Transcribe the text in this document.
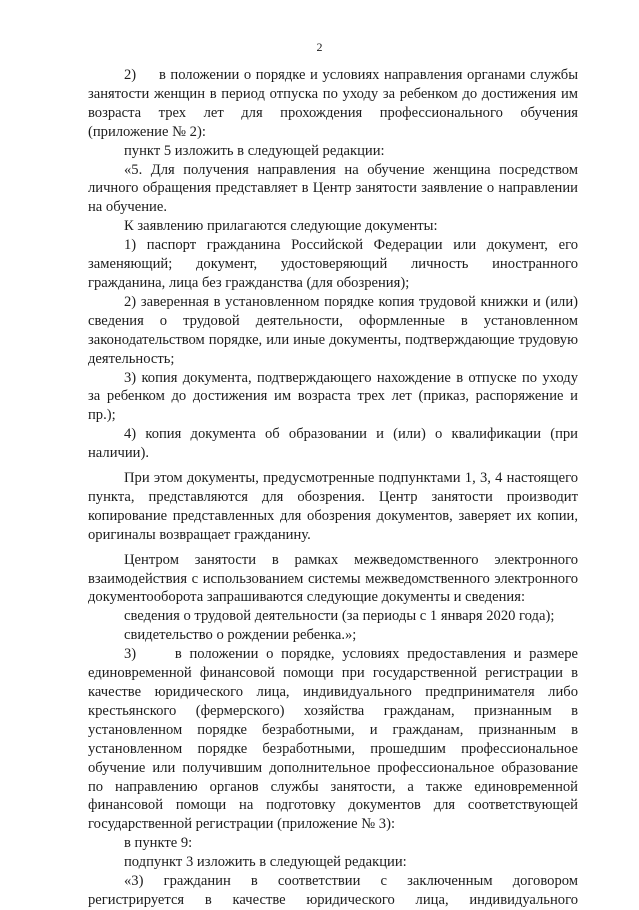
2

2)     в положении о порядке и условиях направления органами службы занятости женщин в период отпуска по уходу за ребенком до достижения им возраста трех лет для прохождения профессионального обучения (приложение № 2):

пункт 5 изложить в следующей редакции:

«5. Для получения направления на обучение женщина посредством личного обращения представляет в Центр занятости заявление о направлении на обучение.

К заявлению прилагаются следующие документы:

1) паспорт гражданина Российской Федерации или документ, его заменяющий; документ, удостоверяющий личность иностранного гражданина, лица без гражданства (для обозрения);

2) заверенная в установленном порядке копия трудовой книжки и (или) сведения о трудовой деятельности, оформленные в установленном законодательством порядке, или иные документы, подтверждающие трудовую деятельность;

3) копия документа, подтверждающего нахождение в отпуске по уходу за ребенком до достижения им возраста трех лет (приказ, распоряжение и пр.);

4) копия документа об образовании и (или) о квалификации (при наличии).

При этом документы, предусмотренные подпунктами 1, 3, 4 настоящего пункта, представляются для обозрения. Центр занятости производит копирование представленных для обозрения документов, заверяет их копии, оригиналы возвращает гражданину.

Центром занятости в рамках межведомственного электронного взаимодействия с использованием системы межведомственного электронного документооборота запрашиваются следующие документы и сведения:

сведения о трудовой деятельности (за периоды с 1 января 2020 года);

свидетельство о рождении ребенка.»;

3)     в положении о порядке, условиях предоставления и размере единовременной финансовой помощи при государственной регистрации в качестве юридического лица, индивидуального предпринимателя либо крестьянского (фермерского) хозяйства гражданам, признанным в установленном порядке безработными, и гражданам, признанным в установленном порядке безработными, прошедшим профессиональное обучение или получившим дополнительное профессиональное образование по направлению органов службы занятости, а также единовременной финансовой помощи на подготовку документов для соответствующей государственной регистрации (приложение № 3):

в пункте 9:

подпункт 3 изложить в следующей редакции:

«3) гражданин в соответствии с заключенным договором регистрируется в качестве юридического лица, индивидуального
